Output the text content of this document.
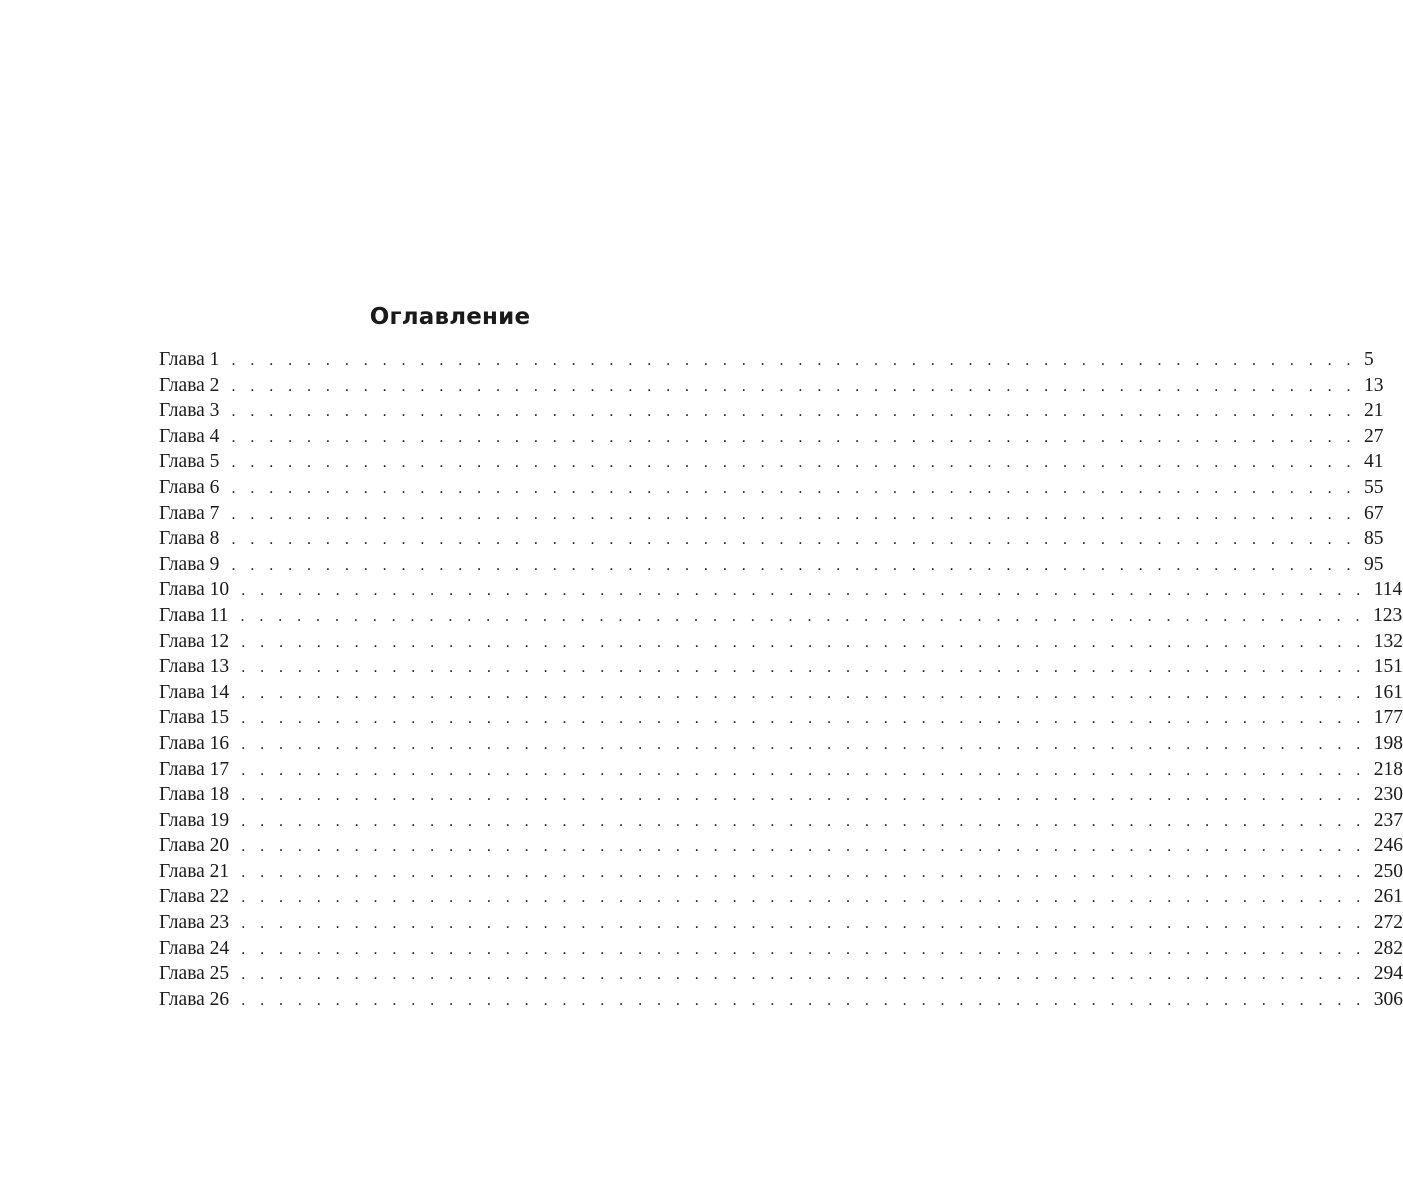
Оглавление
Глава 1 . . . . . . . . . . . . . . . . . . . . . . . . . . . . . . . . . . . . . . . . . . . . . . . . . . . . . . . . . . . . 5
Глава 2 . . . . . . . . . . . . . . . . . . . . . . . . . . . . . . . . . . . . . . . . . . . . . . . . . . . . . . . . . . . . 13
Глава 3 . . . . . . . . . . . . . . . . . . . . . . . . . . . . . . . . . . . . . . . . . . . . . . . . . . . . . . . . . . . . 21
Глава 4 . . . . . . . . . . . . . . . . . . . . . . . . . . . . . . . . . . . . . . . . . . . . . . . . . . . . . . . . . . . . 27
Глава 5 . . . . . . . . . . . . . . . . . . . . . . . . . . . . . . . . . . . . . . . . . . . . . . . . . . . . . . . . . . . . 41
Глава 6 . . . . . . . . . . . . . . . . . . . . . . . . . . . . . . . . . . . . . . . . . . . . . . . . . . . . . . . . . . . . 55
Глава 7 . . . . . . . . . . . . . . . . . . . . . . . . . . . . . . . . . . . . . . . . . . . . . . . . . . . . . . . . . . . . 67
Глава 8 . . . . . . . . . . . . . . . . . . . . . . . . . . . . . . . . . . . . . . . . . . . . . . . . . . . . . . . . . . . . 85
Глава 9 . . . . . . . . . . . . . . . . . . . . . . . . . . . . . . . . . . . . . . . . . . . . . . . . . . . . . . . . . . . . 95
Глава 10 . . . . . . . . . . . . . . . . . . . . . . . . . . . . . . . . . . . . . . . . . . . . . . . . . . . . . . . . . . . . 114
Глава 11 . . . . . . . . . . . . . . . . . . . . . . . . . . . . . . . . . . . . . . . . . . . . . . . . . . . . . . . . . . . . 123
Глава 12 . . . . . . . . . . . . . . . . . . . . . . . . . . . . . . . . . . . . . . . . . . . . . . . . . . . . . . . . . . . . 132
Глава 13 . . . . . . . . . . . . . . . . . . . . . . . . . . . . . . . . . . . . . . . . . . . . . . . . . . . . . . . . . . . . 151
Глава 14 . . . . . . . . . . . . . . . . . . . . . . . . . . . . . . . . . . . . . . . . . . . . . . . . . . . . . . . . . . . . 161
Глава 15 . . . . . . . . . . . . . . . . . . . . . . . . . . . . . . . . . . . . . . . . . . . . . . . . . . . . . . . . . . . . 177
Глава 16 . . . . . . . . . . . . . . . . . . . . . . . . . . . . . . . . . . . . . . . . . . . . . . . . . . . . . . . . . . . . 198
Глава 17 . . . . . . . . . . . . . . . . . . . . . . . . . . . . . . . . . . . . . . . . . . . . . . . . . . . . . . . . . . . . 218
Глава 18 . . . . . . . . . . . . . . . . . . . . . . . . . . . . . . . . . . . . . . . . . . . . . . . . . . . . . . . . . . . . 230
Глава 19 . . . . . . . . . . . . . . . . . . . . . . . . . . . . . . . . . . . . . . . . . . . . . . . . . . . . . . . . . . . . 237
Глава 20 . . . . . . . . . . . . . . . . . . . . . . . . . . . . . . . . . . . . . . . . . . . . . . . . . . . . . . . . . . . . 246
Глава 21 . . . . . . . . . . . . . . . . . . . . . . . . . . . . . . . . . . . . . . . . . . . . . . . . . . . . . . . . . . . . 250
Глава 22 . . . . . . . . . . . . . . . . . . . . . . . . . . . . . . . . . . . . . . . . . . . . . . . . . . . . . . . . . . . . 261
Глава 23 . . . . . . . . . . . . . . . . . . . . . . . . . . . . . . . . . . . . . . . . . . . . . . . . . . . . . . . . . . . . 272
Глава 24 . . . . . . . . . . . . . . . . . . . . . . . . . . . . . . . . . . . . . . . . . . . . . . . . . . . . . . . . . . . . 282
Глава 25 . . . . . . . . . . . . . . . . . . . . . . . . . . . . . . . . . . . . . . . . . . . . . . . . . . . . . . . . . . . . 294
Глава 26 . . . . . . . . . . . . . . . . . . . . . . . . . . . . . . . . . . . . . . . . . . . . . . . . . . . . . . . . . . . . 306
